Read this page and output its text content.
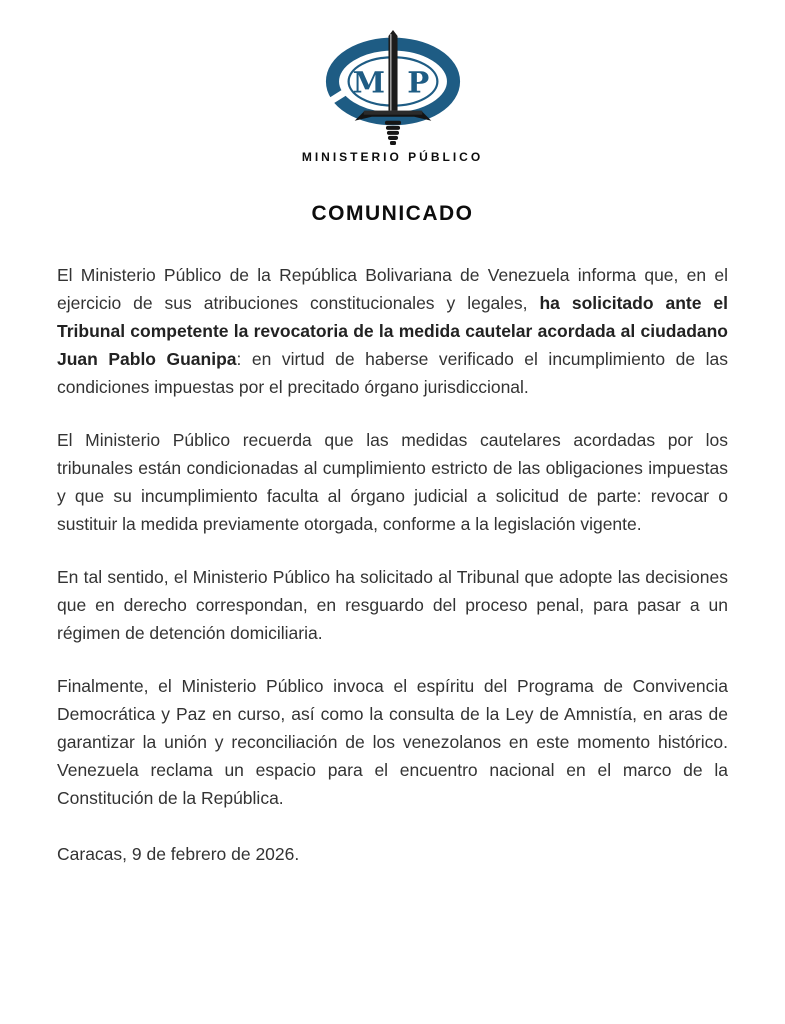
M P
MINISTERIO PÚBLICO
COMUNICADO

El Ministerio Público de la República Bolivariana de Venezuela informa que, en el ejercicio de sus atribuciones constitucionales y legales, ha solicitado ante el Tribunal competente la revocatoria de la medida cautelar acordada al ciudadano Juan Pablo Guanipa: en virtud de haberse verificado el incumplimiento de las condiciones impuestas por el precitado órgano jurisdiccional.

El Ministerio Público recuerda que las medidas cautelares acordadas por los tribunales están condicionadas al cumplimiento estricto de las obligaciones impuestas y que su incumplimiento faculta al órgano judicial a solicitud de parte: revocar o sustituir la medida previamente otorgada, conforme a la legislación vigente.

En tal sentido, el Ministerio Público ha solicitado al Tribunal que adopte las decisiones que en derecho correspondan, en resguardo del proceso penal, para pasar a un régimen de detención domiciliaria.

Finalmente, el Ministerio Público invoca el espíritu del Programa de Convivencia Democrática y Paz en curso, así como la consulta de la Ley de Amnistía, en aras de garantizar la unión y reconciliación de los venezolanos en este momento histórico. Venezuela reclama un espacio para el encuentro nacional en el marco de la Constitución de la República.

Caracas, 9 de febrero de 2026.
